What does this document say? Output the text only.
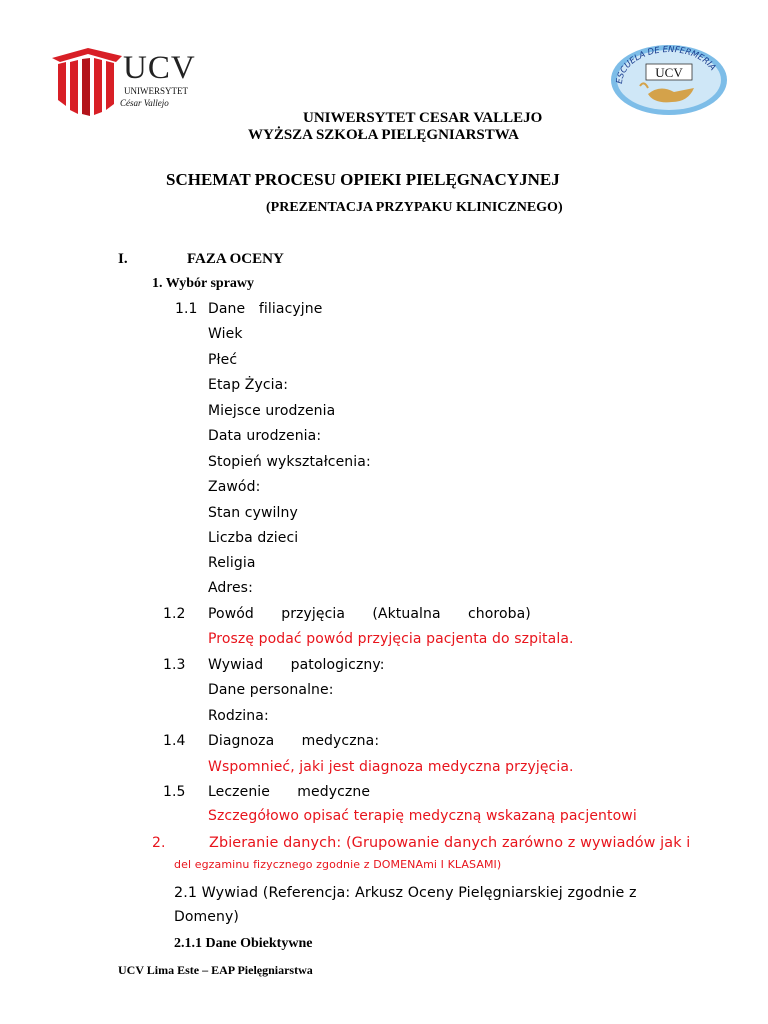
UCV
UNIWERSYTET
César Vallejo
ESCUELA DE ENFERMERIA
UCV
UNIWERSYTET CESAR VALLEJO
WYŻSZA SZKOŁA PIELĘGNIARSTWA
SCHEMAT PROCESU OPIEKI PIELĘGNACYJNEJ
(PREZENTACJA PRZYPAKU KLINICZNEGO)
I.	FAZA OCENY
1. Wybór sprawy
1.1 Dane   filiacyjne
Wiek
Płeć
Etap Życia:
Miejsce urodzenia
Data urodzenia:
Stopień wykształcenia:
Zawód:
Stan cywilny
Liczba dzieci
Religia
Adres:
1.2 Powód      przyjęcia      (Aktualna      choroba)
Proszę podać powód przyjęcia pacjenta do szpitala.
1.3 Wywiad      patologiczny:
Dane personalne:
Rodzina:
1.4 Diagnoza      medyczna:
Wspomnieć, jaki jest diagnoza medyczna przyjęcia.
1.5 Leczenie      medyczne
Szczegółowo opisać terapię medyczną wskazaną pacjentowi
2.	Zbieranie danych: (Grupowanie danych zarówno z wywiadów jak i
del egzaminu fizycznego zgodnie z DOMENAmi I KLASAMI)
2.1 Wywiad (Referencja: Arkusz Oceny Pielęgniarskiej zgodnie z
Domeny)
2.1.1 Dane Obiektywne
UCV Lima Este – EAP Pielęgniarstwa
